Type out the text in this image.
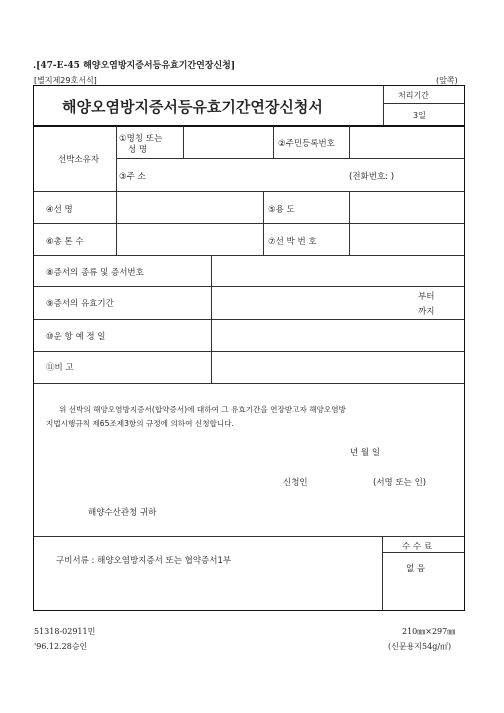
.[47-E-45 해양오염방지증서등유효기간연장신청]
[별지제29호서식]	(앞쪽)
해양오염방지증서등유효기간연장신청서
처리기간
3일
선박소유자
①명칭 또는
성 명
②주민등록번호
③주 소	(전화번호: )
④선 명	⑤용 도
⑥총 톤 수	⑦선 박 번 호
⑧증서의 종류 및 증서번호
⑨증서의 유효기간
부터
까지
⑩운 항 예 정 일
⑪비 고
위 선박의 해양오염방지증서(합약증서)에 대하여 그 유효기간을 연장받고자 해양오염방
지법시행규칙 제65조제3항의 규정에 의하여 신청합니다.
년 월 일
신청인	(서명 또는 인)
해양수산관청 귀하
구비서류 : 해양오염방지증서 또는 협약증서1부
수 수 료
없 음
51318-02911민
'96.12.28승인
210㎜×297㎜
(신문용지54g/㎡)
